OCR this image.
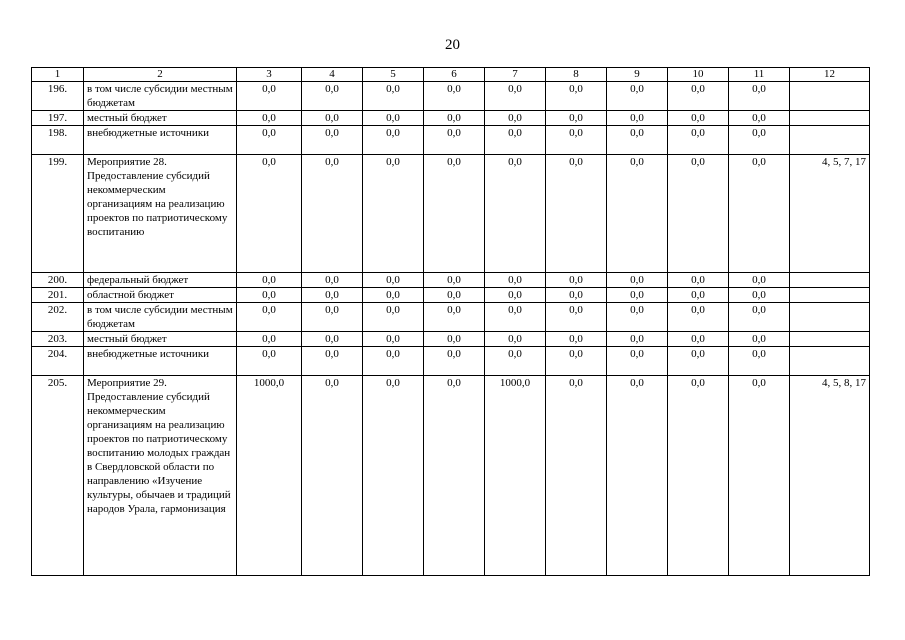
20
1	2	3	4	5	6	7	8	9	10	11	12
196.	в том числе субсидии местным бюджетам	0,0	0,0	0,0	0,0	0,0	0,0	0,0	0,0	0,0	
197.	местный бюджет	0,0	0,0	0,0	0,0	0,0	0,0	0,0	0,0	0,0	
198.	внебюджетные источники	0,0	0,0	0,0	0,0	0,0	0,0	0,0	0,0	0,0	
199.	Мероприятие 28. Предоставление субсидий некоммерческим организациям на реализацию проектов по патриотическому воспитанию	0,0	0,0	0,0	0,0	0,0	0,0	0,0	0,0	0,0	4, 5, 7, 17
200.	федеральный бюджет	0,0	0,0	0,0	0,0	0,0	0,0	0,0	0,0	0,0	
201.	областной бюджет	0,0	0,0	0,0	0,0	0,0	0,0	0,0	0,0	0,0	
202.	в том числе субсидии местным бюджетам	0,0	0,0	0,0	0,0	0,0	0,0	0,0	0,0	0,0	
203.	местный бюджет	0,0	0,0	0,0	0,0	0,0	0,0	0,0	0,0	0,0	
204.	внебюджетные источники	0,0	0,0	0,0	0,0	0,0	0,0	0,0	0,0	0,0	
205.	Мероприятие 29. Предоставление субсидий некоммерческим организациям на реализацию проектов по патриотическому воспитанию молодых граждан в Свердловской области по направлению «Изучение культуры, обычаев и традиций народов Урала, гармонизация	1000,0	0,0	0,0	0,0	1000,0	0,0	0,0	0,0	0,0	4, 5, 8, 17
